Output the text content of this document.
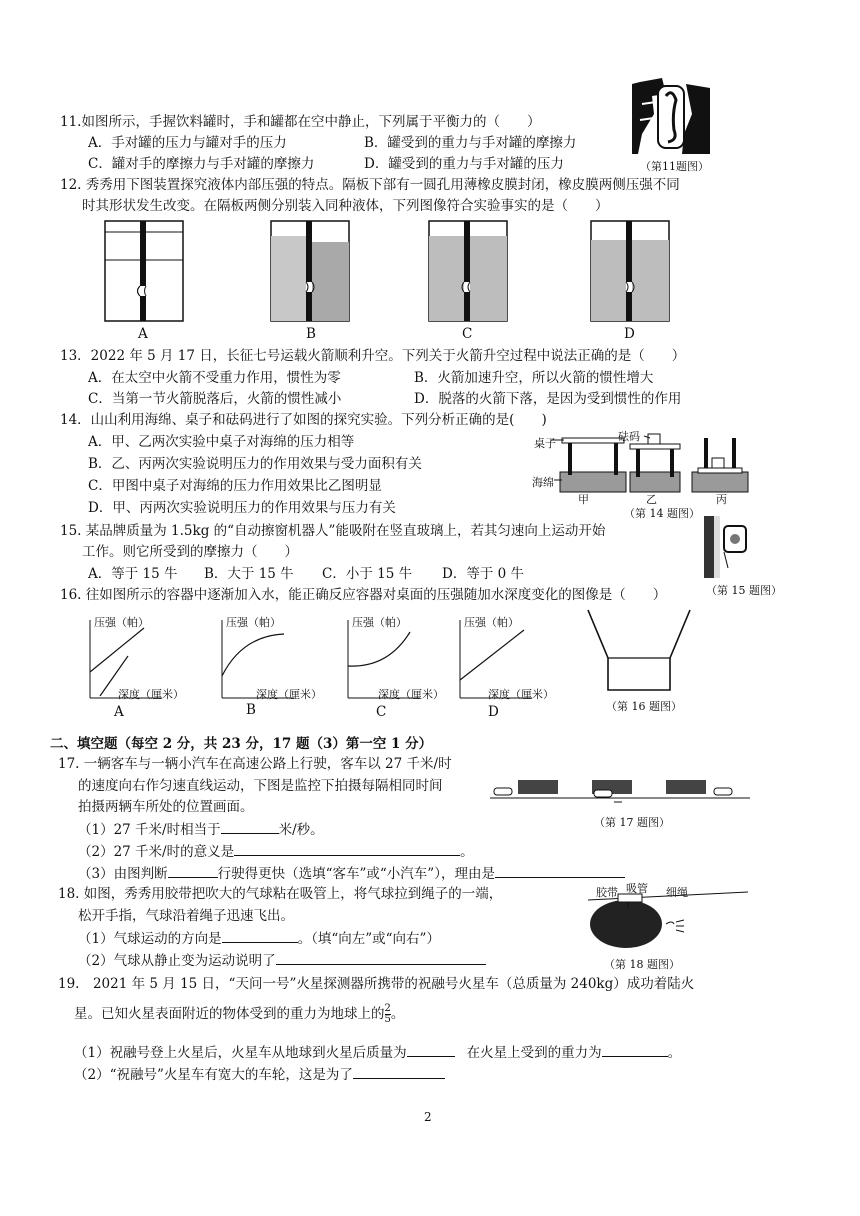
11.如图所示，手握饮料罐时，手和罐都在空中静止，下列属于平衡力的（　　）
A．手对罐的压力与罐对手的压力	B．罐受到的重力与手对罐的摩擦力
C．罐对手的摩擦力与手对罐的摩擦力	D．罐受到的重力与手对罐的压力	（第11题图）
12. 秀秀用下图装置探究液体内部压强的特点。隔板下部有一圆孔用薄橡皮膜封闭，橡皮膜两侧压强不同
时其形状发生改变。在隔板两侧分别装入同种液体，下列图像符合实验事实的是（　　）
A	B	C	D
13．2022 年 5 月 17 日，长征七号运载火箭顺利升空。下列关于火箭升空过程中说法正确的是（　　）
A．在太空中火箭不受重力作用，惯性为零	B．火箭加速升空，所以火箭的惯性增大
C．当第一节火箭脱落后，火箭的惯性减小	D．脱落的火箭下落，是因为受到惯性的作用
14．山山利用海绵、桌子和砝码进行了如图的探究实验。下列分析正确的是(　　)
A．甲、乙两次实验中桌子对海绵的压力相等
B．乙、丙两次实验说明压力的作用效果与受力面积有关
C．甲图中桌子对海绵的压力作用效果比乙图明显
D．甲、丙两次实验说明压力的作用效果与压力有关
桌子
海绵
砝码
甲	乙	丙
（第 14 题图）
15. 某品牌质量为 1.5kg 的“自动擦窗机器人”能吸附在竖直玻璃上，若其匀速向上运动开始
工作。则它所受到的摩擦力（　　）
A．等于 15 牛 B．大于 15 牛 C．小于 15 牛 D．等于 0 牛
（第 15 题图）
16. 往如图所示的容器中逐渐加入水，能正确反应容器对桌面的压强随加水深度变化的图像是（　　）
压强（帕）	压强（帕）	压强（帕）	压强（帕）
深度（厘米）	深度（厘米）	深度（厘米）	深度（厘米）
A	B	C	D	（第 16 题图）
二、填空题（每空 2 分，共 23 分，17 题（3）第一空 1 分）
17. 一辆客车与一辆小汽车在高速公路上行驶，客车以 27 千米/时
的速度向右作匀速直线运动，下图是监控下拍摄每隔相同时间
拍摄两辆车所处的位置画面。
（1）27 千米/时相当于	米/秒。
（2）27 千米/时的意义是	。
（3）由图判断	行驶得更快（选填“客车”或“小汽车”），理由是
（第 17 题图）
18. 如图，秀秀用胶带把吹大的气球粘在吸管上，将气球拉到绳子的一端，
松开手指，气球沿着绳子迅速飞出。
（1）气球运动的方向是	。（填“向左”或“向右”）
（2）气球从静止变为运动说明了
胶带 吸管 细绳
（第 18 题图）
19.　2021 年 5 月 15 日，“天问一号”火星探测器所携带的祝融号火星车（总质量为 240kg）成功着陆火
星。已知火星表面附近的物体受到的重力为地球上的 $\frac{2}{5}$ 。
（1）祝融号登上火星后，火星车从地球到火星后质量为	在火星上受到的重力为	。
（2）“祝融号”火星车有宽大的车轮，这是为了
2
